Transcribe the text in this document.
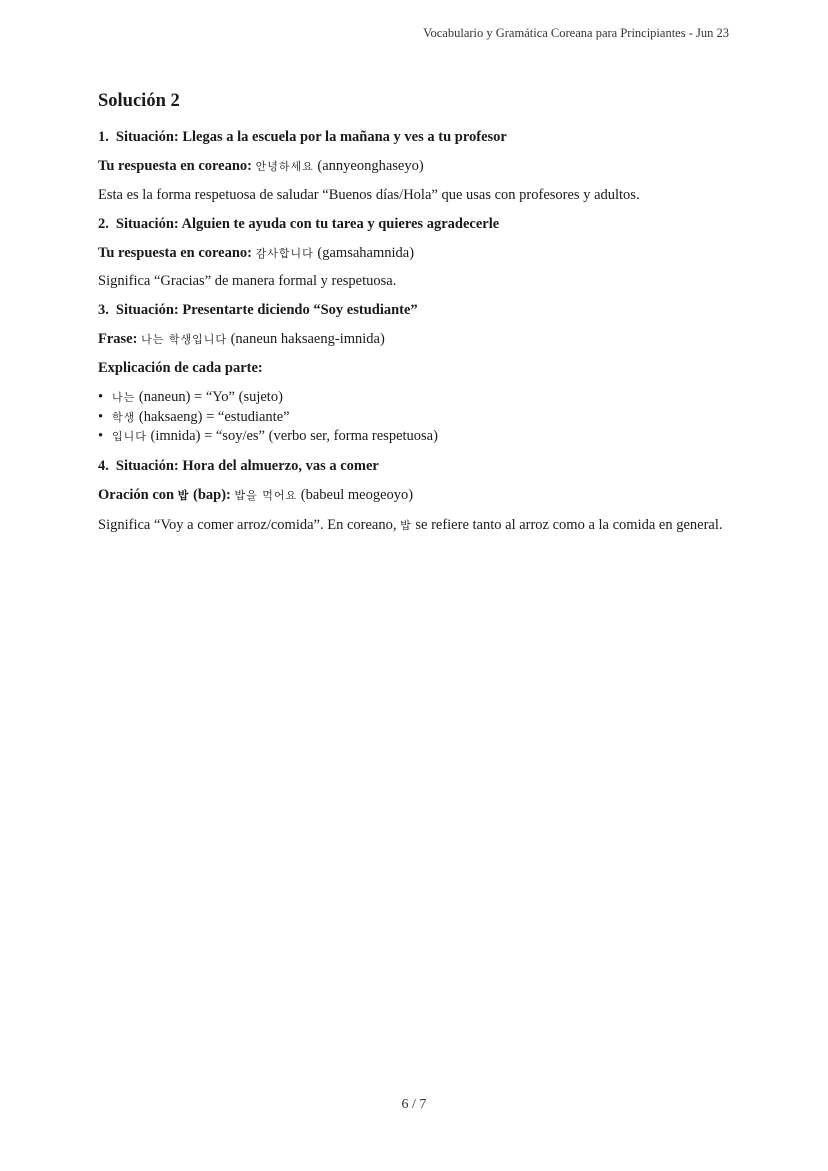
Vocabulario y Gramática Coreana para Principiantes - Jun 23
Solución 2
1. Situación: Llegas a la escuela por la mañana y ves a tu profesor
Tu respuesta en coreano: 안녕하세요 (annyeonghaseyo)
Esta es la forma respetuosa de saludar “Buenos días/Hola” que usas con profesores y adultos.
2. Situación: Alguien te ayuda con tu tarea y quieres agradecerle
Tu respuesta en coreano: 감사합니다 (gamsahamnida)
Significa “Gracias” de manera formal y respetuosa.
3. Situación: Presentarte diciendo “Soy estudiante”
Frase: 나는 학생입니다 (naneun haksaeng-imnida)
Explicación de cada parte:
• 나는 (naneun) = “Yo” (sujeto)
• 학생 (haksaeng) = “estudiante”
• 입니다 (imnida) = “soy/es” (verbo ser, forma respetuosa)
4. Situación: Hora del almuerzo, vas a comer
Oración con 밥 (bap): 밥을 먹어요 (babeul meogeoyo)
Significa “Voy a comer arroz/comida”. En coreano, 밥 se refiere tanto al arroz como a la comida en general.
6 / 7
